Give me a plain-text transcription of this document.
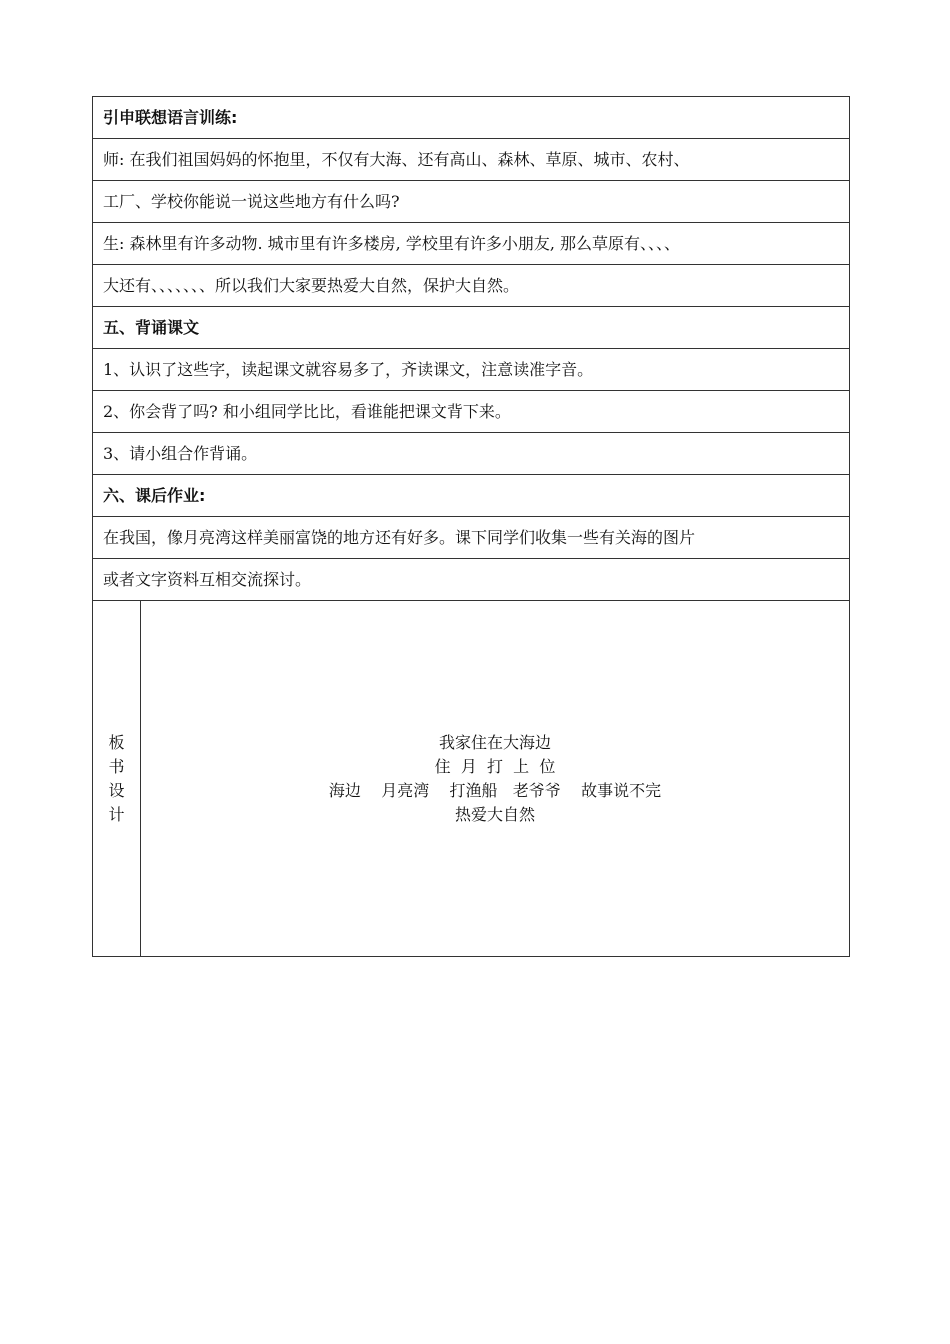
引申联想语言训练:
师: 在我们祖国妈妈的怀抱里，不仅有大海、还有高山、森林、草原、城市、农村、
工厂、学校你能说一说这些地方有什么吗?
生: 森林里有许多动物. 城市里有许多楼房, 学校里有许多小朋友, 那么草原有、、、、
大还有、、、、、、、所以我们大家要热爱大自然，保护大自然。
五、背诵课文
1、认识了这些字，读起课文就容易多了，齐读课文，注意读准字音。
2、你会背了吗? 和小组同学比比，看谁能把课文背下来。
3、请小组合作背诵。
六、课后作业:
在我国，像月亮湾这样美丽富饶的地方还有好多。课下同学们收集一些有关海的图片
或者文字资料互相交流探讨。
板书设计	
我家住在大海边
住  月  打  上  位
海边    月亮湾    打渔船   老爷爷    故事说不完
热爱大自然
